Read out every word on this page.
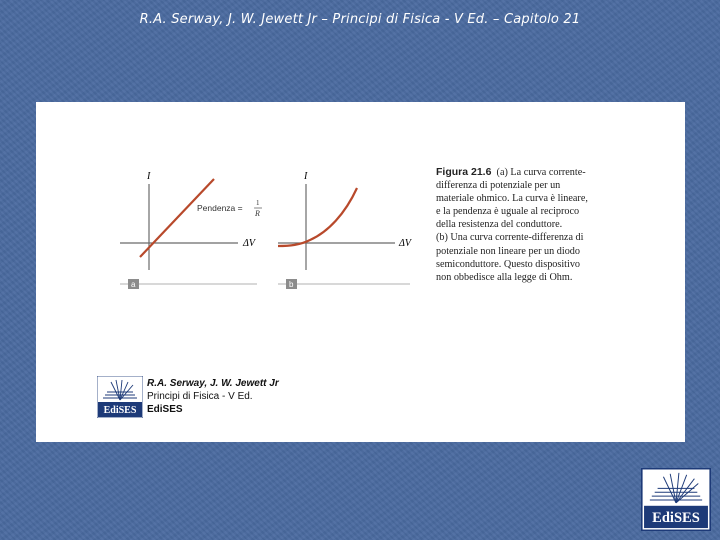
R.A. Serway, J. W. Jewett Jr – Principi di Fisica - V Ed. – Capitolo 21
I
ΔV
Pendenza = 1
R
a
I
ΔV
b
Figura 21.6 (a) La curva corrente-
differenza di potenziale per un
materiale ohmico. La curva è lineare,
e la pendenza è uguale al reciproco
della resistenza del conduttore.
(b) Una curva corrente-differenza di
potenziale non lineare per un diodo
semiconduttore. Questo dispositivo
non obbedisce alla legge di Ohm.
EdiSES
R.A. Serway, J. W. Jewett Jr
Principi di Fisica - V Ed.
EdiSES
EdiSES
